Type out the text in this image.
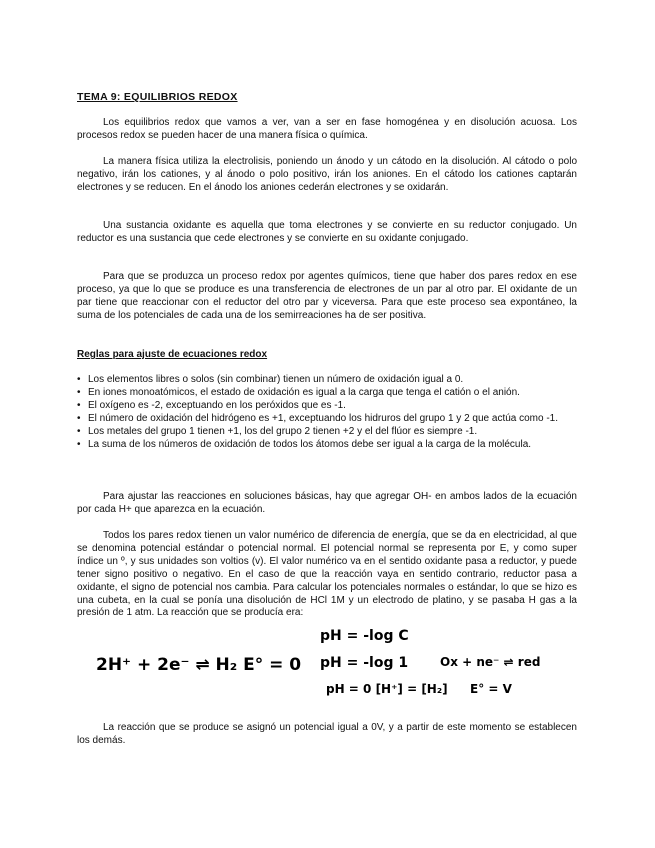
TEMA 9: EQUILIBRIOS REDOX

Los equilibrios redox que vamos a ver, van a ser en fase homogénea y en disolución acuosa. Los procesos redox se pueden hacer de una manera física o química.

La manera física utiliza la electrolisis, poniendo un ánodo y un cátodo en la disolución. Al cátodo o polo negativo, irán los cationes, y al ánodo o polo positivo, irán los aniones. En el cátodo los cationes captarán electrones y se reducen. En el ánodo los aniones cederán electrones y se oxidarán.

Una sustancia oxidante es aquella que toma electrones y se convierte en su reductor conjugado. Un reductor es una sustancia que cede electrones y se convierte en su oxidante conjugado.

Para que se produzca un proceso redox por agentes químicos, tiene que haber dos pares redox en ese proceso, ya que lo que se produce es una transferencia de electrones de un par al otro par. El oxidante de un par tiene que reaccionar con el reductor del otro par y viceversa. Para que este proceso sea expontáneo, la suma de los potenciales de cada una de los semirreaciones ha de ser positiva.

Reglas para ajuste de ecuaciones redox
• Los elementos libres o solos (sin combinar) tienen un número de oxidación igual a 0.
• En iones monoatómicos, el estado de oxidación es igual a la carga que tenga el catión o el anión.
• El oxígeno es -2, exceptuando en los peróxidos que es -1.
• El número de oxidación del hidrógeno es +1, exceptuando los hidruros del grupo 1 y 2 que actúa como -1.
• Los metales del grupo 1 tienen +1, los del grupo 2 tienen +2 y el del flúor es siempre -1.
• La suma de los números de oxidación de todos los átomos debe ser igual a la carga de la molécula.

Para ajustar las reacciones en soluciones básicas, hay que agregar OH- en ambos lados de la ecuación por cada H+ que aparezca en la ecuación.

Todos los pares redox tienen un valor numérico de diferencia de energía, que se da en electricidad, al que se denomina potencial estándar o potencial normal. El potencial normal se representa por E, y como super índice un º, y sus unidades son voltios (v). El valor numérico va en el sentido oxidante pasa a reductor, y puede tener signo positivo o negativo. En el caso de que la reacción vaya en sentido contrario, reductor pasa a oxidante, el signo de potencial nos cambia. Para calcular los potenciales normales o estándar, lo que se hizo es una cubeta, en la cual se ponía una disolución de HCl 1M y un electrodo de platino, y se pasaba H gas a la presión de 1 atm. La reacción que se producía era:

2H⁺ + 2e⁻ ⇌ H₂ E° = 0
pH = -log C
pH = -log 1	Ox + ne⁻ ⇌ red
pH = 0 [H⁺] = [H₂] E° = V

La reacción que se produce se asignó un potencial igual a 0V, y a partir de este momento se establecen los demás.
